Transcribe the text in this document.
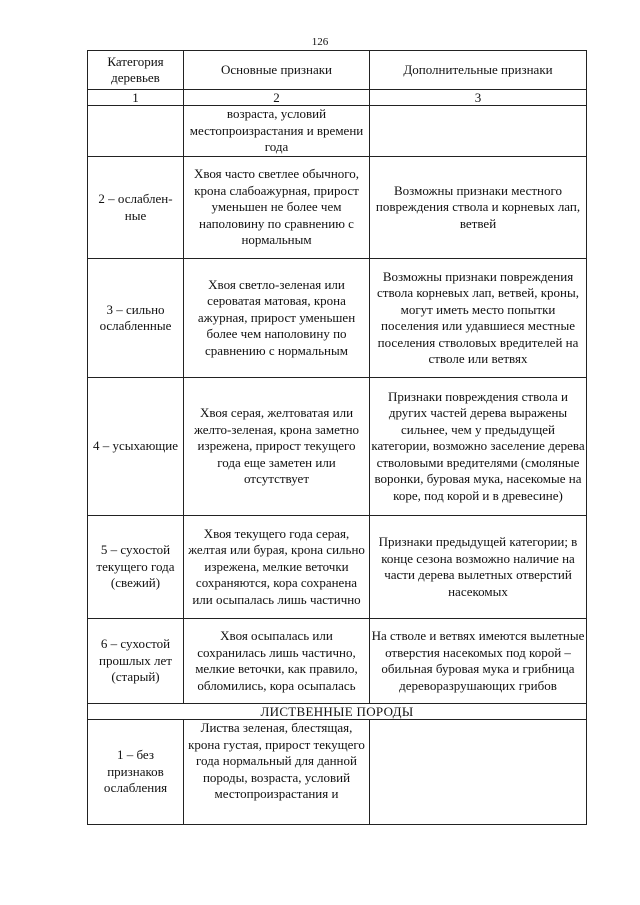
126
Категория деревьев	Основные признаки	Дополнительные признаки
1	2	3
	возраста, условий местопроизрастания и времени года	
2 – ослаблен-ные	Хвоя часто светлее обычного, крона слабоажурная, прирост уменьшен не более чем наполовину по сравнению с нормальным	Возможны признаки местного повреждения ствола и корневых лап, ветвей
3 – сильно ослабленные	Хвоя светло-зеленая или сероватая матовая, крона ажурная, прирост уменьшен более чем наполовину по сравнению с нормальным	Возможны признаки повреждения ствола корневых лап, ветвей, кроны, могут иметь место попытки поселения или удавшиеся местные поселения стволовых вредителей на стволе или ветвях
4 – усыхающие	Хвоя серая, желтоватая или желто-зеленая, крона заметно изрежена, прирост текущего года еще заметен или отсутствует	Признаки повреждения ствола и других частей дерева выражены сильнее, чем у предыдущей категории, возможно заселение дерева стволовыми вредителями (смоляные воронки, буровая мука, насекомые на коре, под корой и в древесине)
5 – сухостой текущего года (свежий)	Хвоя текущего года серая, желтая или бурая, крона сильно изрежена, мелкие веточки сохраняются, кора сохранена или осыпалась лишь частично	Признаки предыдущей категории; в конце сезона возможно наличие на части дерева вылетных отверстий насекомых
6 – сухостой прошлых лет (старый)	Хвоя осыпалась или сохранилась лишь частично, мелкие веточки, как правило, обломились, кора осыпалась	На стволе и ветвях имеются вылетные отверстия насекомых под корой – обильная буровая мука и грибница дереворазрушающих грибов
ЛИСТВЕННЫЕ ПОРОДЫ		
1 – без признаков ослабления	Листва зеленая, блестящая, крона густая, прирост текущего года нормальный для данной породы, возраста, условий местопроизрастания и	
